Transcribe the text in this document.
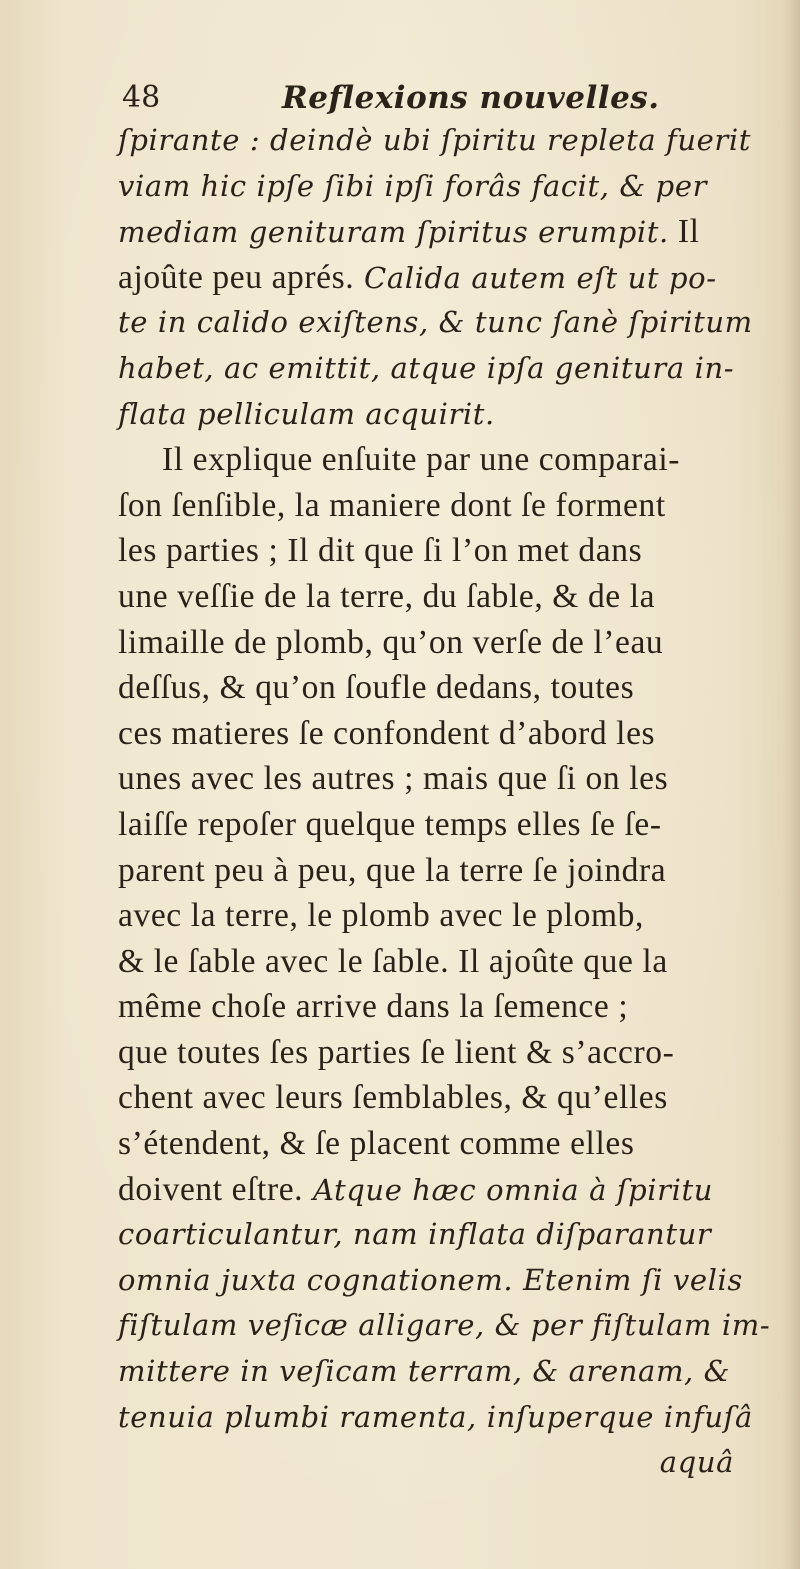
48	Reflexions nouvelles.
ſpirante : deindè ubi ſpiritu repleta fuerit
viam hic ipſe ſibi ipſi forâs facit, & per
mediam genituram ſpiritus erumpit. Il
ajoûte peu aprés. Calida autem eſt ut po-
te in calido exiſtens, & tunc ſanè ſpiritum
habet, ac emittit, atque ipſa genitura in-
flata pelliculam acquirit.
Il explique enſuite par une comparai-
ſon ſenſible, la maniere dont ſe forment
les parties ; Il dit que ſi l’on met dans
une veſſie de la terre, du ſable, & de la
limaille de plomb, qu’on verſe de l’eau
deſſus, & qu’on ſoufle dedans, toutes
ces matieres ſe confondent d’abord les
unes avec les autres ; mais que ſi on les
laiſſe repoſer quelque temps elles ſe ſe-
parent peu à peu, que la terre ſe joindra
avec la terre, le plomb avec le plomb,
& le ſable avec le ſable. Il ajoûte que la
même choſe arrive dans la ſemence ;
que toutes ſes parties ſe lient & s’accro-
chent avec leurs ſemblables, & qu’elles
s’étendent, & ſe placent comme elles
doivent eſtre. Atque hæc omnia à ſpiritu
coarticulantur, nam inflata diſparantur
omnia juxta cognationem. Etenim ſi velis
fiſtulam veſicæ alligare, & per fiſtulam im-
mittere in veſicam terram, & arenam, &
tenuia plumbi ramenta, inſuperque infuſâ
aquâ
